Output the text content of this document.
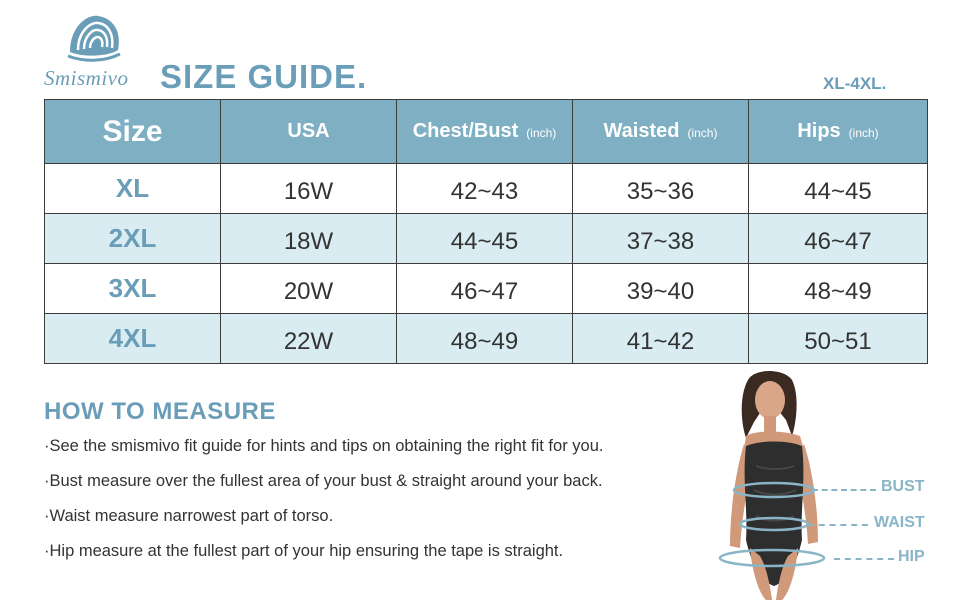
Smismivo SIZE GUIDE.	XL-4XL.
Size	USA	Chest/Bust (inch)	Waisted (inch)	Hips (inch)
XL	16W	42~43	35~36	44~45
2XL	18W	44~45	37~38	46~47
3XL	20W	46~47	39~40	48~49
4XL	22W	48~49	41~42	50~51
HOW TO MEASURE
·See the smismivo fit guide for hints and tips on obtaining the right fit for you.
·Bust measure over the fullest area of your bust & straight around your back.
·Waist measure narrowest part of torso.
·Hip measure at the fullest part of your hip ensuring the tape is straight.
BUST
WAIST
HIP
